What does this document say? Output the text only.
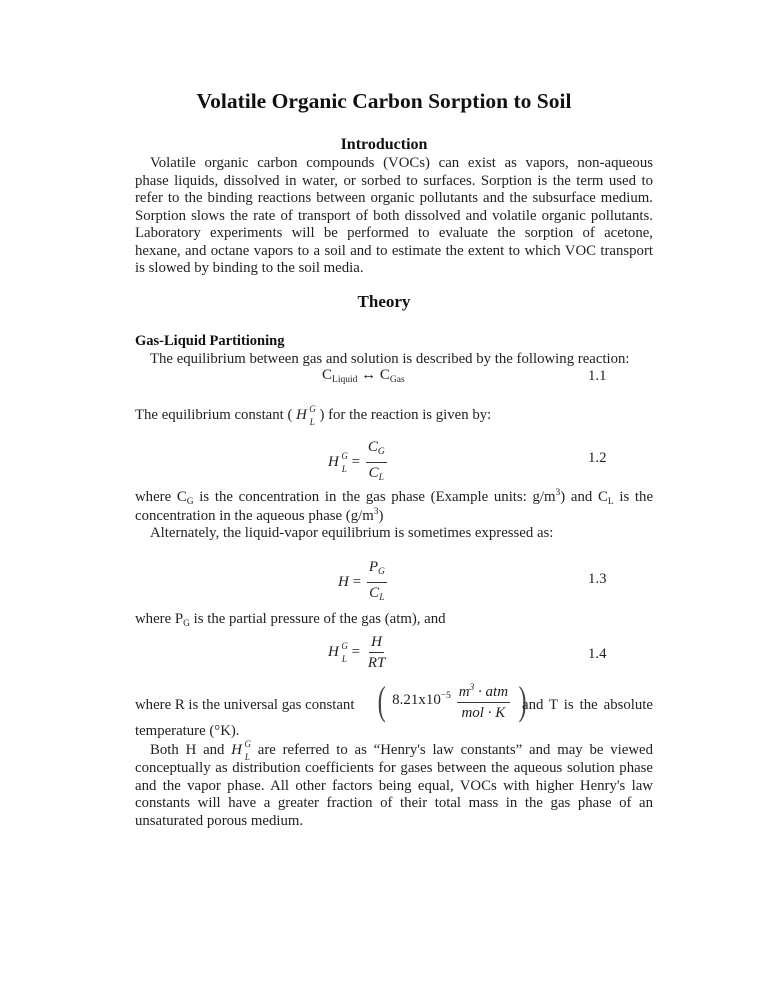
Volatile Organic Carbon Sorption to Soil
Introduction
Volatile organic carbon compounds (VOCs) can exist as vapors, non-aqueous
phase liquids, dissolved in water, or sorbed to surfaces. Sorption is the term used to
refer to the binding reactions between organic pollutants and the subsurface medium.
Sorption slows the rate of transport of both dissolved and volatile organic pollutants.
Laboratory experiments will be performed to evaluate the sorption of acetone,
hexane, and octane vapors to a soil and to estimate the extent to which VOC transport
is slowed by binding to the soil media.
Theory
Gas-Liquid Partitioning
The equilibrium between gas and solution is described by the following reaction:
$C_{Liquid}$ ↔ $C_{Gas}$	1.1
The equilibrium constant ( H G
L ) for the reaction is given by:
H G
$L = \frac{C_G}{C_L}$	1.2
where $C_G$ is the concentration in the gas phase (Example units: $g/m^3$) and $C_L$ is the
concentration in the aqueous phase $(g/m^3)$
Alternately, the liquid-vapor equilibrium is sometimes expressed as:
$H = \frac{P_G}{C_L}$	1.3
where $P_G$ is the partial pressure of the gas (atm), and
H G
$L = \frac{H}{RT}$	1.4
where R is the universal gas constant ( $8.21x10^{-5} \frac{m^3 \cdot atm}{\text{mol · K}}$ )
and T is the absolute
temperature (°K).
Both H and H G
L are referred to as “Henry's law constants” and may be viewed
conceptually as distribution coefficients for gases between the aqueous solution phase
and the vapor phase. All other factors being equal, VOCs with higher Henry's law
constants will have a greater fraction of their total mass in the gas phase of an
unsaturated porous medium.
